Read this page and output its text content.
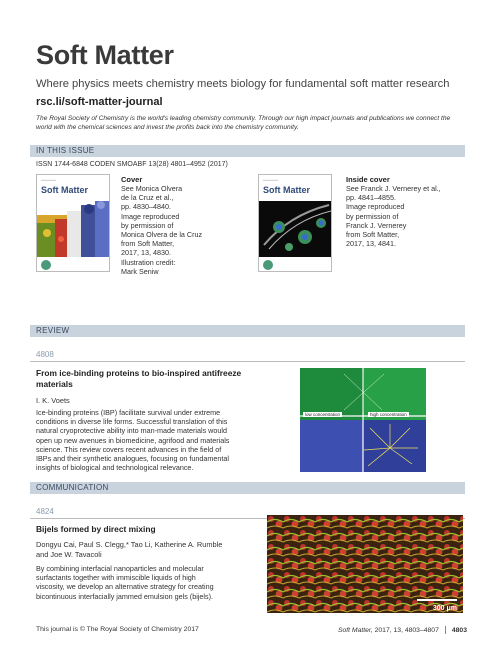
Soft Matter
Where physics meets chemistry meets biology for fundamental soft matter research
rsc.li/soft-matter-journal
The Royal Society of Chemistry is the world's leading chemistry community. Through our high impact journals and publications we connect the world with the chemical sciences and invest the profits back into the chemistry community.
IN THIS ISSUE
ISSN 1744-6848 CODEN SMOABF 13(28) 4801–4952 (2017)
━━━━━━━━━━
Soft Matter
Cover
See Monica Olvera
de la Cruz et al.,
pp. 4830–4840.
Image reproduced
by permission of
Monica Olvera de la Cruz
from Soft Matter,
2017, 13, 4830.
Illustration credit:
Mark Seniw
━━━━━━━━━━
Soft Matter
Inside cover
See Franck J. Vernerey et al.,
pp. 4841–4855.
Image reproduced
by permission of
Franck J. Vernerey
from Soft Matter,
2017, 13, 4841.
REVIEW
4808
From ice-binding proteins to bio-inspired antifreeze
materials
I. K. Voets
Ice-binding proteins (IBP) facilitate survival under extreme
conditions in diverse life forms. Successful translation of this
natural cryoprotective ability into man-made materials would
open up new avenues in biomedicine, agrifood and materials
science. This review covers recent advances in the field of
IBPs and their synthetic analogues, focusing on fundamental
insights of biological and technological relevance.
low concentration	high concentration
COMMUNICATION
4824
Bijels formed by direct mixing
Dongyu Cai, Paul S. Clegg,* Tao Li, Katherine A. Rumble
and Joe W. Tavacoli
By combining interfacial nanoparticles and molecular
surfactants together with immiscible liquids of high
viscosity, we develop an alternative strategy for creating
bicontinuous interfacially jammed emulsion gels (bijels).
300 μm
This journal is © The Royal Society of Chemistry 2017	Soft Matter, 2017, 13, 4803–4807 4803
